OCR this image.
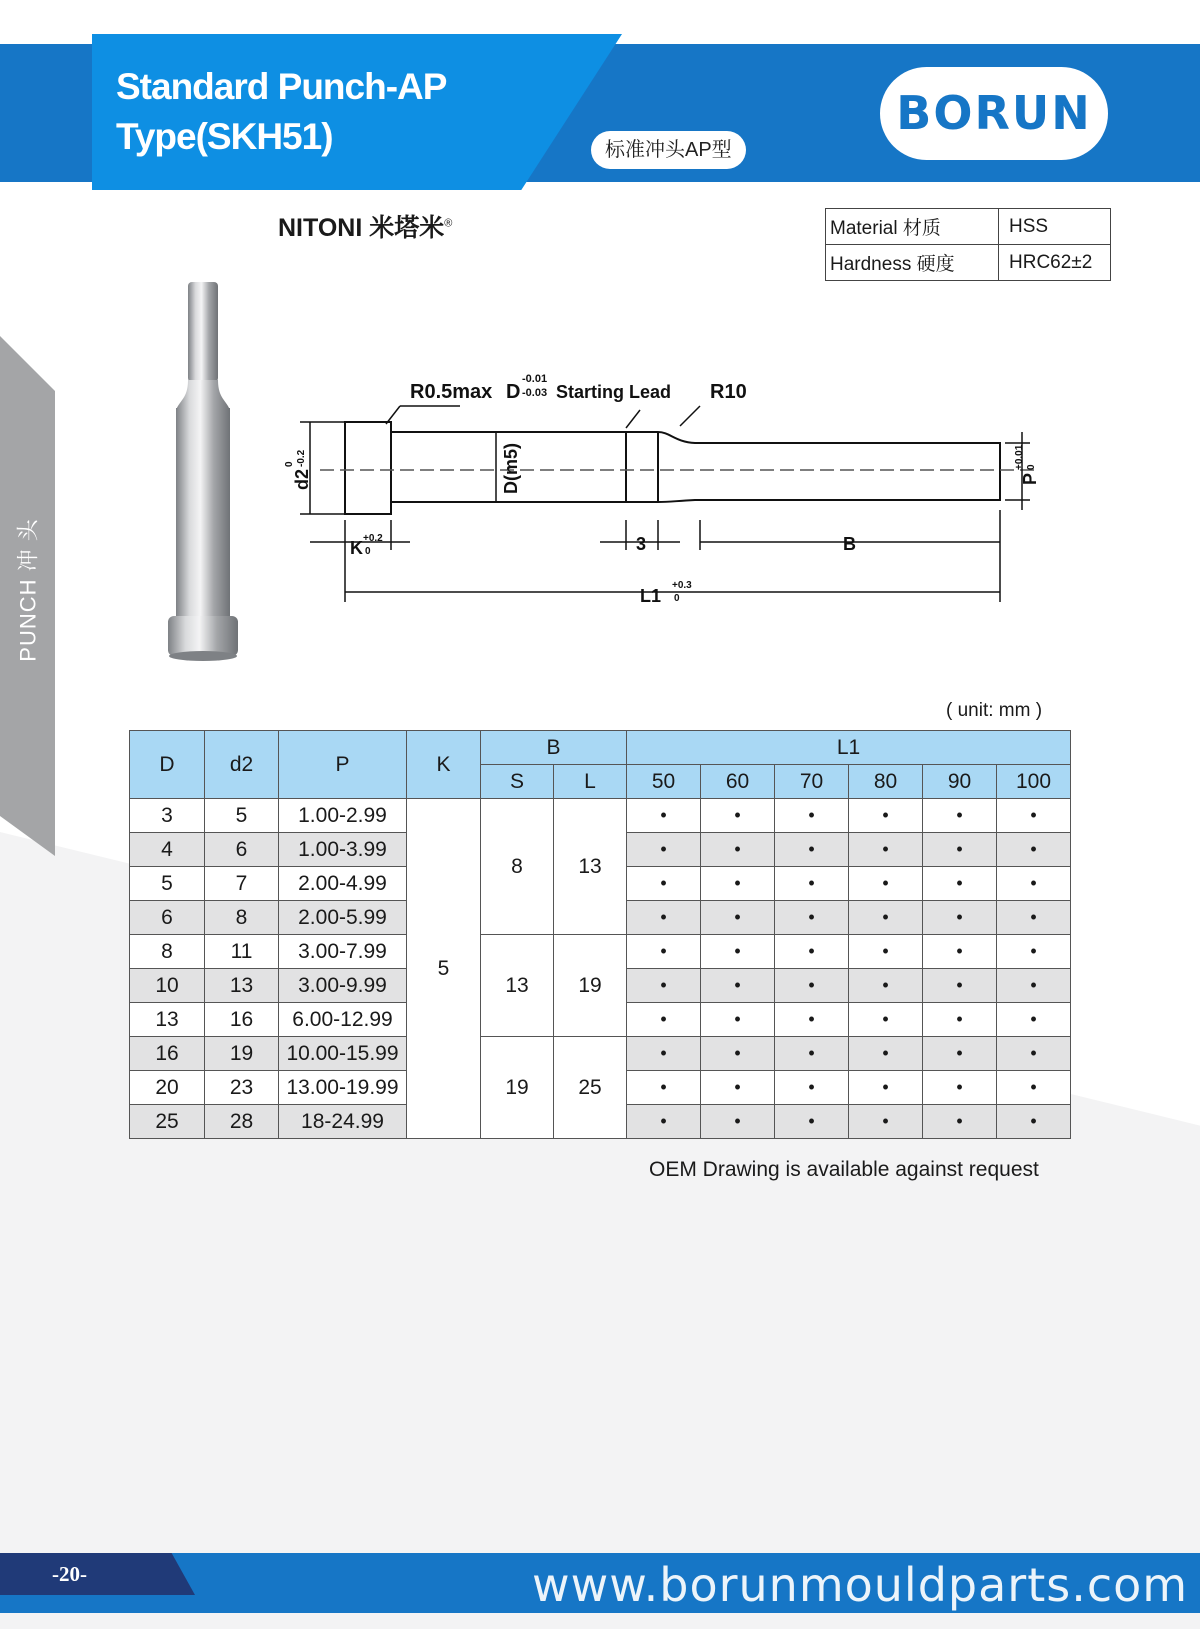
Standard Punch-AP
Type(SKH51)	标准冲头AP型
BORUN
PUNCH 冲 头
NITONI 米塔米®	Material 材质	HSS
Hardness 硬度	HRC62±2
R0.5max D
-0.01
-0.03 Starting Lead R10
d2
0 -0.2	D(m5)	P
+0.01 0
K +0.2
0	3	B
L1
+0.3
0
( unit: mm )
D	d2	P	K	B		L1					
				S	L	50	60	70	80	90	100
3	5	1.00-2.99	5	8	13	•	•	•	•	•	•
4	6	1.00-3.99				•	•	•	•	•	•
5	7	2.00-4.99				•	•	•	•	•	•
6	8	2.00-5.99				•	•	•	•	•	•
8	11	3.00-7.99		13	19	•	•	•	•	•	•
10	13	3.00-9.99				•	•	•	•	•	•
13	16	6.00-12.99				•	•	•	•	•	•
16	19	10.00-15.99		19	25	•	•	•	•	•	•
20	23	13.00-19.99				•	•	•	•	•	•
25	28	18-24.99				•	•	•	•	•	•
OEM Drawing is available against request
-20-	www.borunmouldparts.com
